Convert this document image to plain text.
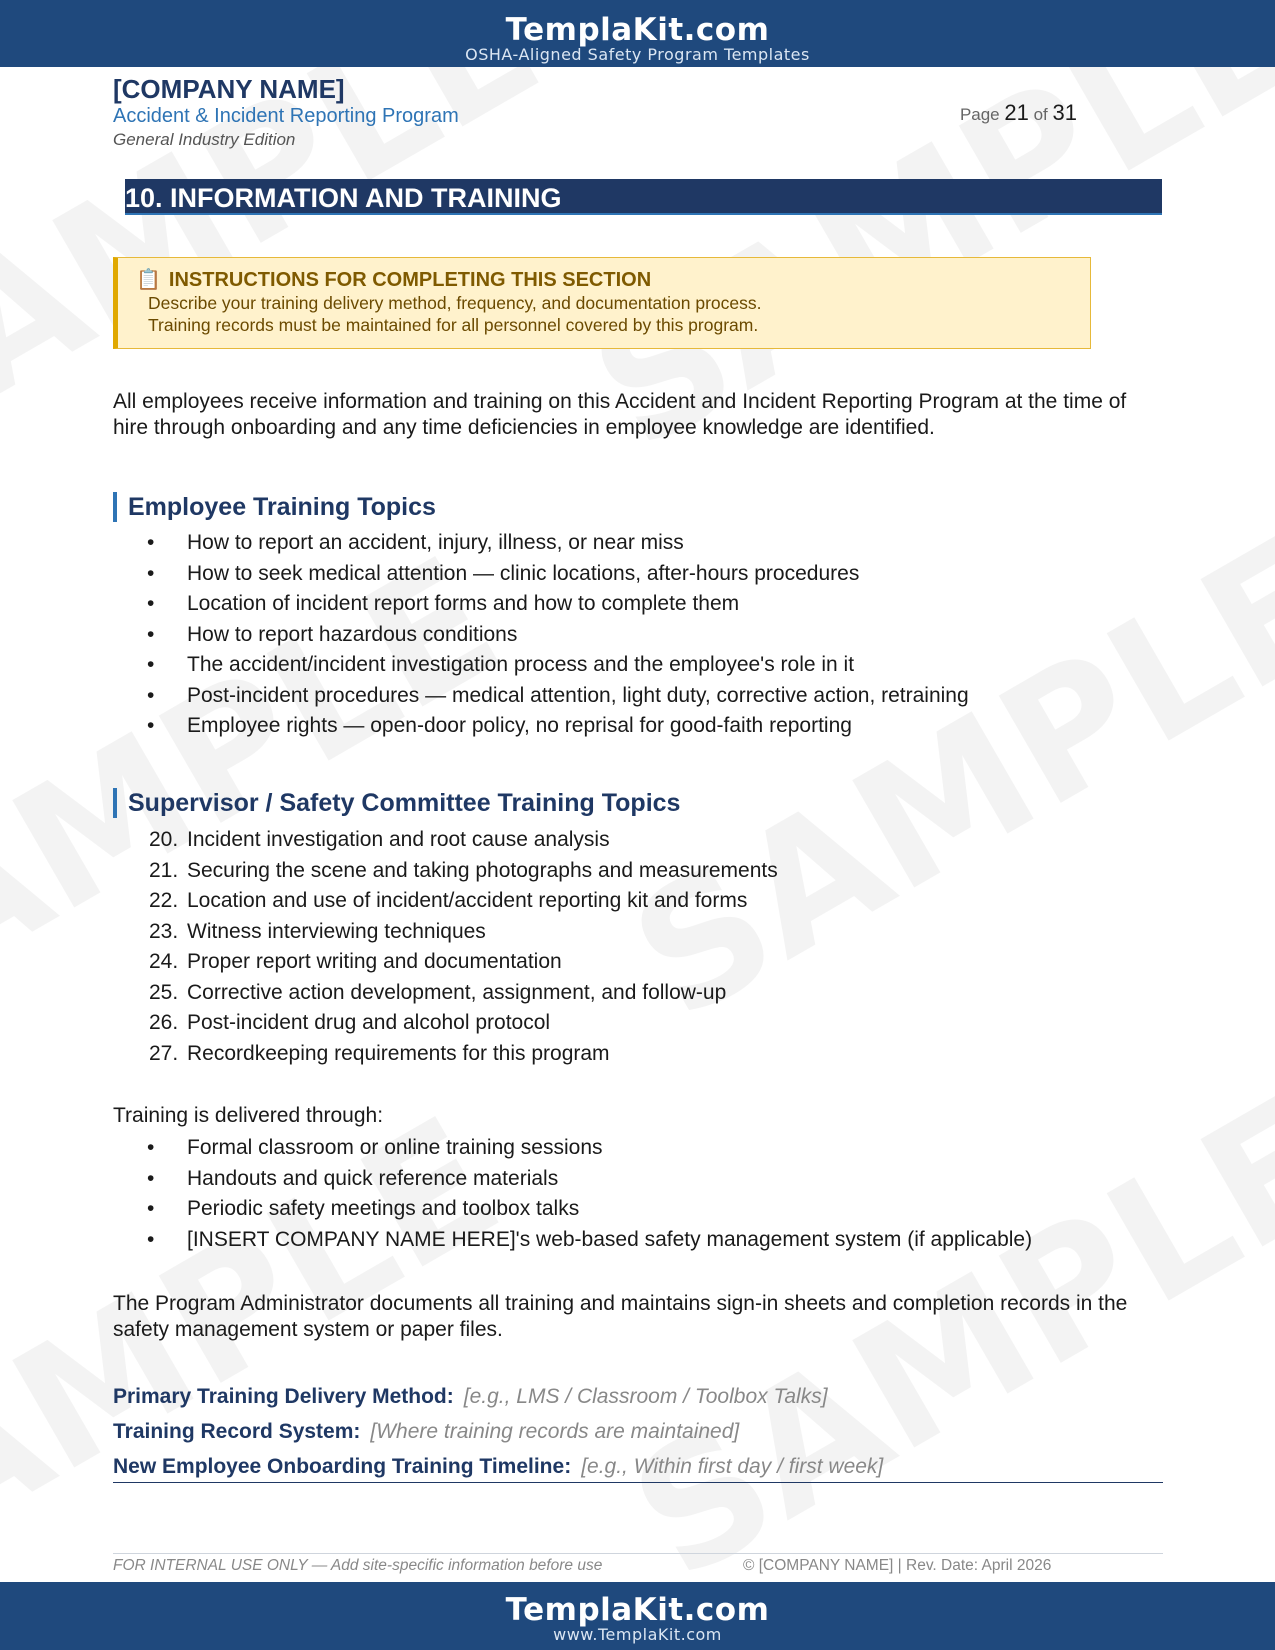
TemplaKit.com
OSHA-Aligned Safety Program Templates
[COMPANY NAME]
Accident & Incident Reporting Program
General Industry Edition
Page 21 of 31
10. INFORMATION AND TRAINING
📋 INSTRUCTIONS FOR COMPLETING THIS SECTION
Describe your training delivery method, frequency, and documentation process.
Training records must be maintained for all personnel covered by this program.
All employees receive information and training on this Accident and Incident Reporting Program at the time of hire through onboarding and any time deficiencies in employee knowledge are identified.
Employee Training Topics
• How to report an accident, injury, illness, or near miss
• How to seek medical attention — clinic locations, after-hours procedures
• Location of incident report forms and how to complete them
• How to report hazardous conditions
• The accident/incident investigation process and the employee's role in it
• Post-incident procedures — medical attention, light duty, corrective action, retraining
• Employee rights — open-door policy, no reprisal for good-faith reporting
Supervisor / Safety Committee Training Topics
20. Incident investigation and root cause analysis
21. Securing the scene and taking photographs and measurements
22. Location and use of incident/accident reporting kit and forms
23. Witness interviewing techniques
24. Proper report writing and documentation
25. Corrective action development, assignment, and follow-up
26. Post-incident drug and alcohol protocol
27. Recordkeeping requirements for this program
Training is delivered through:
• Formal classroom or online training sessions
• Handouts and quick reference materials
• Periodic safety meetings and toolbox talks
• [INSERT COMPANY NAME HERE]'s web-based safety management system (if applicable)
The Program Administrator documents all training and maintains sign-in sheets and completion records in the safety management system or paper files.
Primary Training Delivery Method: [e.g., LMS / Classroom / Toolbox Talks]
Training Record System: [Where training records are maintained]
New Employee Onboarding Training Timeline: [e.g., Within first day / first week]
FOR INTERNAL USE ONLY — Add site-specific information before use	© [COMPANY NAME] | Rev. Date: April 2026
TemplaKit.com
www.TemplaKit.com
